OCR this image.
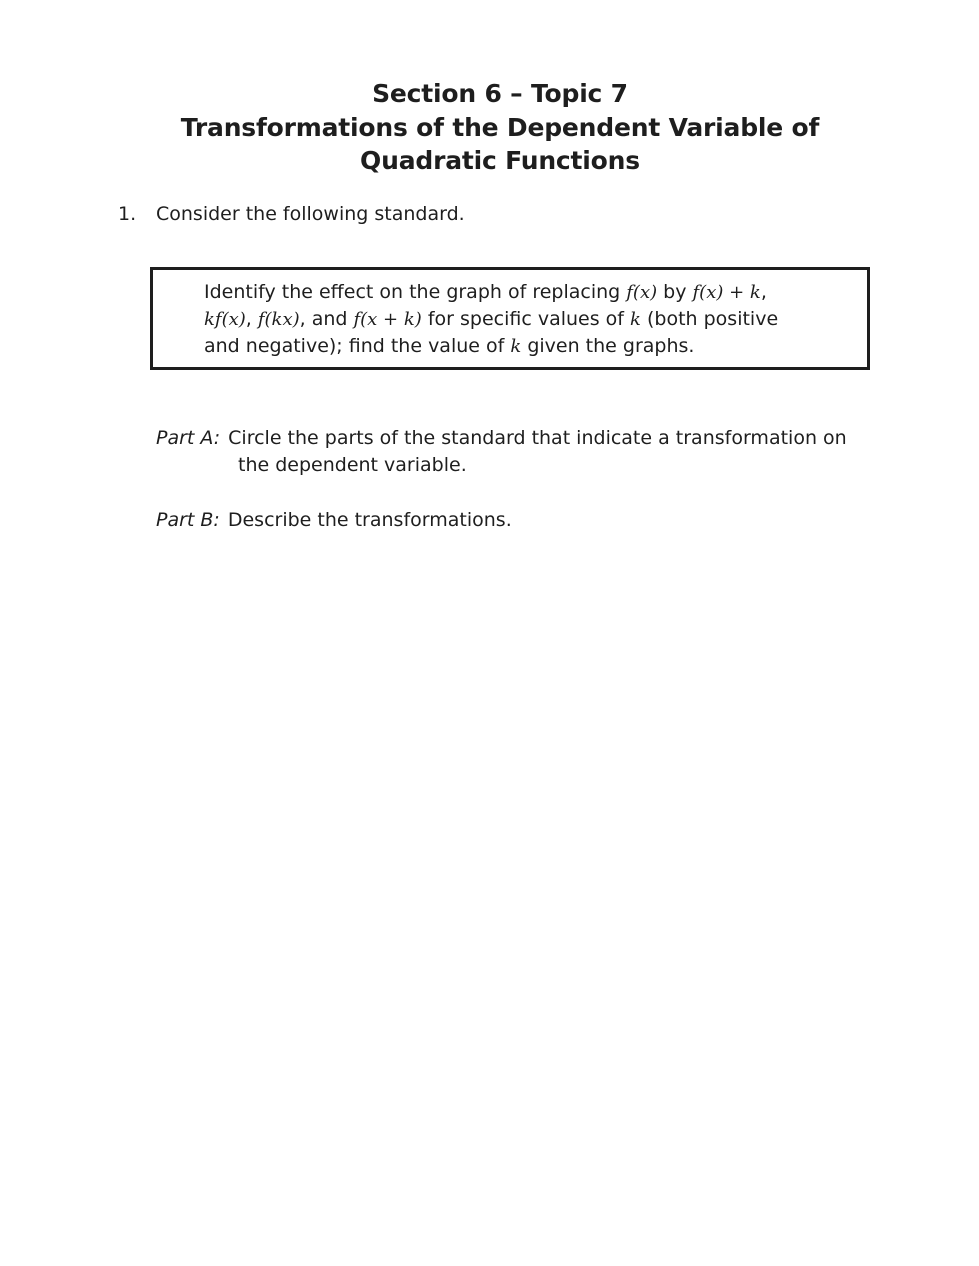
Section 6 – Topic 7
Transformations of the Dependent Variable of
Quadratic Functions
1. Consider the following standard.
Identify the effect on the graph of replacing f(x) by f(x) + k,
kf(x), f(kx), and f(x + k) for specific values of k (both positive
and negative); find the value of k given the graphs.
Part A: Circle the parts of the standard that indicate a transformation on
the dependent variable.
Part B: Describe the transformations.
